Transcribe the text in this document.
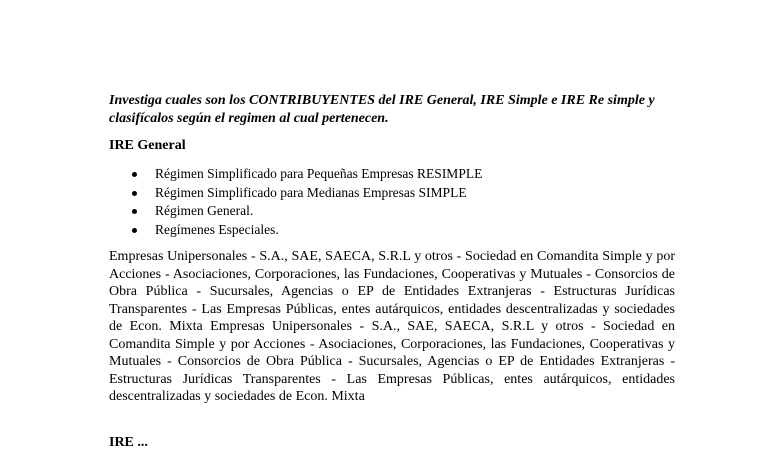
Investiga cuales son los CONTRIBUYENTES del IRE General, IRE Simple e IRE Re simple y clasifícalos según el regimen al cual pertenecen.
IRE General
Régimen Simplificado para Pequeñas Empresas RESIMPLE
Régimen Simplificado para Medianas Empresas SIMPLE
Régimen General.
Regímenes Especiales.

Empresas Unipersonales - S.A., SAE, SAECA, S.R.L y otros - Sociedad en Comandita Simple y por Acciones - Asociaciones, Corporaciones, las Fundaciones, Cooperativas y Mutuales - Consorcios de Obra Pública - Sucursales, Agencias o EP de Entidades Extranjeras - Estructuras Jurídicas Transparentes - Las Empresas Públicas, entes autárquicos, entidades descentralizadas y sociedades de Econ. Mixta Empresas Unipersonales - S.A., SAE, SAECA, S.R.L y otros - Sociedad en Comandita Simple y por Acciones - Asociaciones, Corporaciones, las Fundaciones, Cooperativas y Mutuales - Consorcios de Obra Pública - Sucursales, Agencias o EP de Entidades Extranjeras - Estructuras Jurídicas Transparentes - Las Empresas Públicas, entes autárquicos, entidades descentralizadas y sociedades de Econ. Mixta

IRE ...
